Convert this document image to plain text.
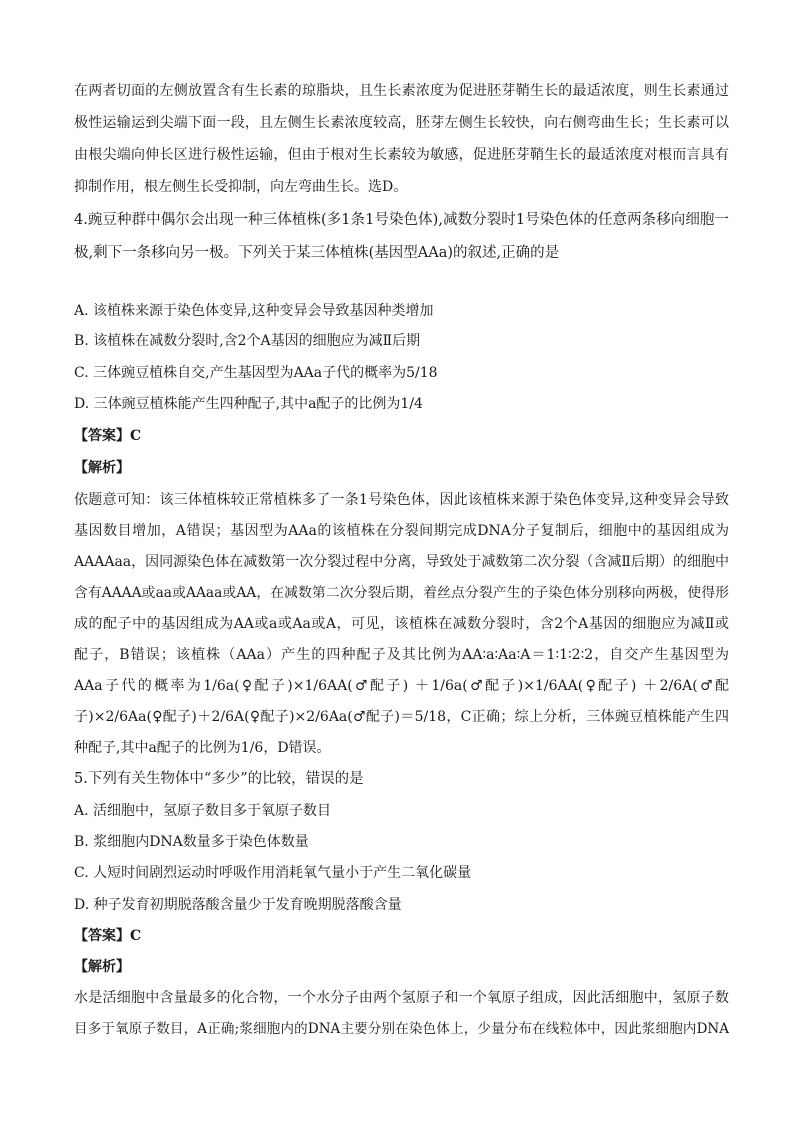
在两者切面的左侧放置含有生长素的琼脂块，且生长素浓度为促进胚芽鞘生长的最适浓度，则生长素通过
极性运输运到尖端下面一段，且左侧生长素浓度较高，胚芽左侧生长较快，向右侧弯曲生长；生长素可以
由根尖端向伸长区进行极性运输，但由于根对生长素较为敏感，促进胚芽鞘生长的最适浓度对根而言具有
抑制作用，根左侧生长受抑制，向左弯曲生长。选D。
4.豌豆种群中偶尔会出现一种三体植株(多1条1号染色体),减数分裂时1号染色体的任意两条移向细胞一
极,剩下一条移向另一极。下列关于某三体植株(基因型AAa)的叙述,正确的是
A. 该植株来源于染色体变异,这种变异会导致基因种类增加
B. 该植株在减数分裂时,含2个A基因的细胞应为减Ⅱ后期
C. 三体豌豆植株自交,产生基因型为AAa子代的概率为5/18
D. 三体豌豆植株能产生四种配子,其中a配子的比例为1/4
【答案】C
【解析】
依题意可知：该三体植株较正常植株多了一条1号染色体，因此该植株来源于染色体变异,这种变异会导致
基因数目增加，A错误；基因型为AAa的该植株在分裂间期完成DNA分子复制后，细胞中的基因组成为
AAAAaa，因同源染色体在减数第一次分裂过程中分离，导致处于减数第二次分裂（含减Ⅱ后期）的细胞中
含有AAAA或aa或AAaa或AA，在减数第二次分裂后期，着丝点分裂产生的子染色体分别移向两极，使得形
成的配子中的基因组成为AA或a或Aa或A，可见，该植株在减数分裂时，含2个A基因的细胞应为减Ⅱ或
配子，B错误；该植株（AAa）产生的四种配子及其比例为AA∶a∶Aa∶A＝1∶1∶2∶2，自交产生基因型为
AAa子代的概率为1/6a(♀配子)×1/6AA(♂配子) ＋1/6a(♂配子)×1/6AA(♀配子) ＋2/6A(♂配
子)×2/6Aa(♀配子)＋2/6A(♀配子)×2/6Aa(♂配子)＝5/18，C正确；综上分析，三体豌豆植株能产生四
种配子,其中a配子的比例为1/6，D错误。
5.下列有关生物体中“多少”的比较，错误的是
A. 活细胞中，氢原子数目多于氧原子数目
B. 浆细胞内DNA数量多于染色体数量
C. 人短时间剧烈运动时呼吸作用消耗氧气量小于产生二氧化碳量
D. 种子发育初期脱落酸含量少于发育晚期脱落酸含量
【答案】C
【解析】
水是活细胞中含量最多的化合物，一个水分子由两个氢原子和一个氧原子组成，因此活细胞中，氢原子数
目多于氧原子数目，A正确;浆细胞内的DNA主要分别在染色体上，少量分布在线粒体中，因此浆细胞内DNA
